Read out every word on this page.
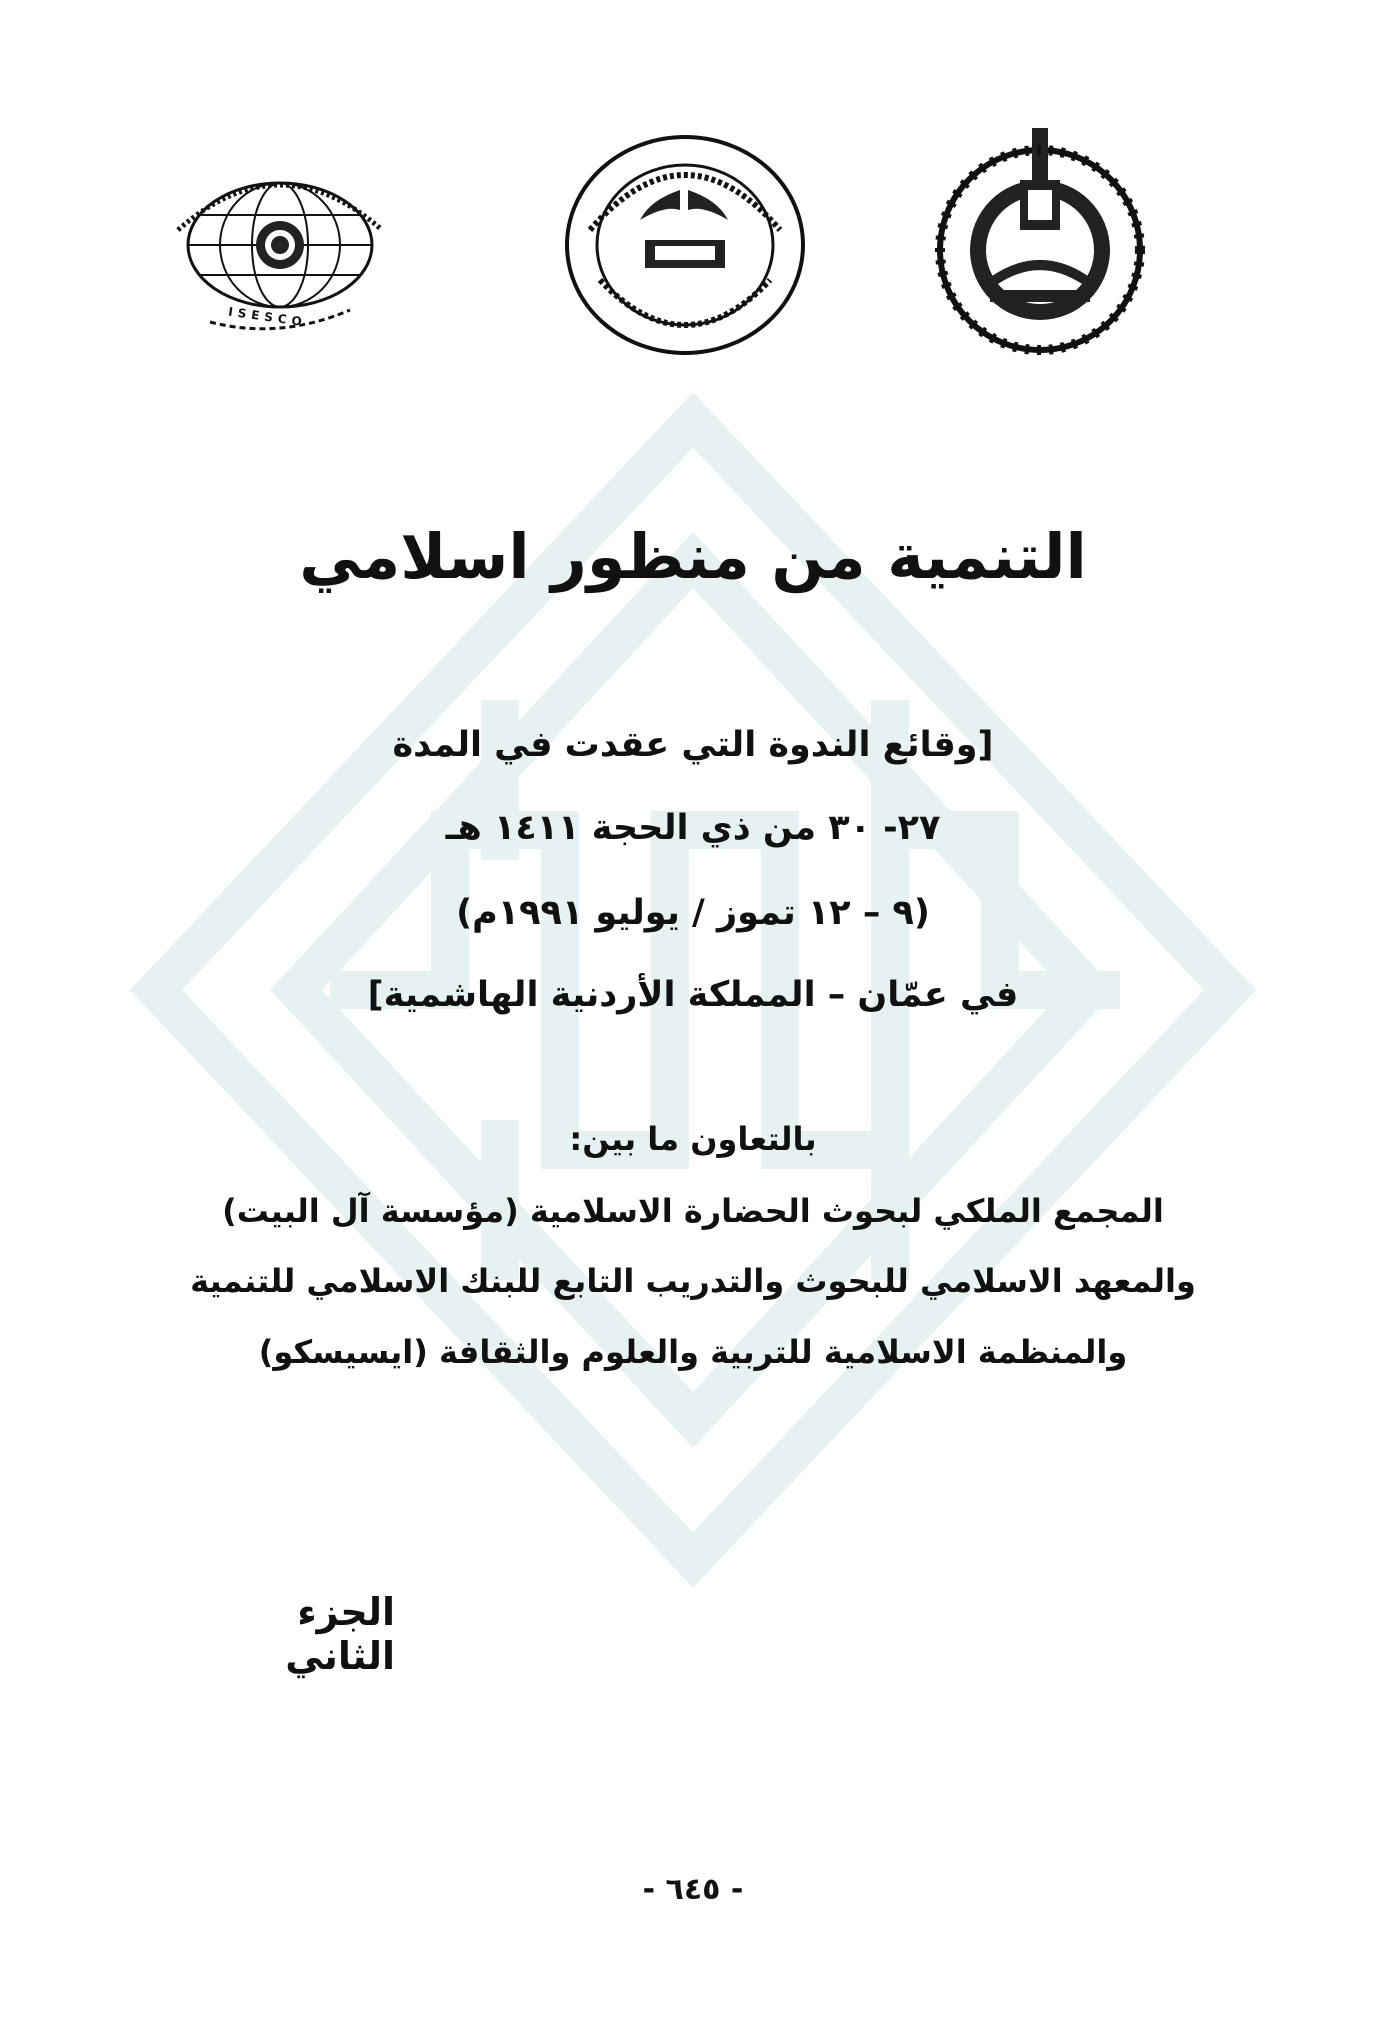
ISESCO
التنمية من منظور اسلامي
[وقائع الندوة التي عقدت في المدة
٢٧- ٣٠ من ذي الحجة ١٤١١ هـ
(٩ – ١٢ تموز / يوليو ١٩٩١م)
في عمّان – المملكة الأردنية الهاشمية]
بالتعاون ما بين:
المجمع الملكي لبحوث الحضارة الاسلامية (مؤسسة آل البيت)
والمعهد الاسلامي للبحوث والتدريب التابع للبنك الاسلامي للتنمية
والمنظمة الاسلامية للتربية والعلوم والثقافة (ايسيسكو)
الجزء الثاني
- ٦٤٥ -
